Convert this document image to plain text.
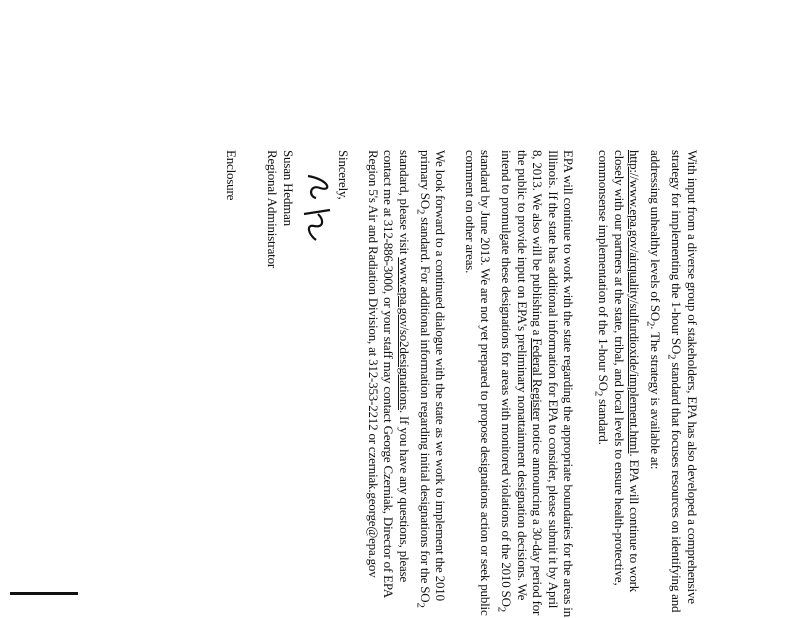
With input from a diverse group of stakeholders, EPA has also developed a comprehensive strategy for implementing the 1-hour $SO_2$ standard that focuses resources on identifying and addressing unhealthy levels of $SO_2$. The strategy is available at: http://www.epa.gov/airquality/sulfurdioxide/implement.html. EPA will continue to work closely with our partners at the state, tribal, and local levels to ensure health-protective, commonsense implementation of the 1-hour $SO_2$ standard.

EPA will continue to work with the state regarding the appropriate boundaries for the areas in Illinois. If the state has additional information for EPA to consider, please submit it by April 8, 2013. We also will be publishing a Federal Register notice announcing a 30-day period for the public to provide input on EPA's preliminary nonattainment designation decisions. We intend to promulgate these designations for areas with monitored violations of the 2010 $SO_2$ standard by June 2013. We are not yet prepared to propose designations action or seek public comment on other areas.

We look forward to a continued dialogue with the state as we work to implement the 2010 primary $SO_2$ standard. For additional information regarding initial designations for the $SO_2$ standard, please visit www.epa.gov/so2designations. If you have any questions, please contact me at 312-886-3000, or your staff may contact George Czerniak, Director of EPA Region 5's Air and Radiation Division, at 312-353-2212 or czerniak.george@epa.gov

Sincerely,

Susan Hedman

Regional Administrator

Enclosure
